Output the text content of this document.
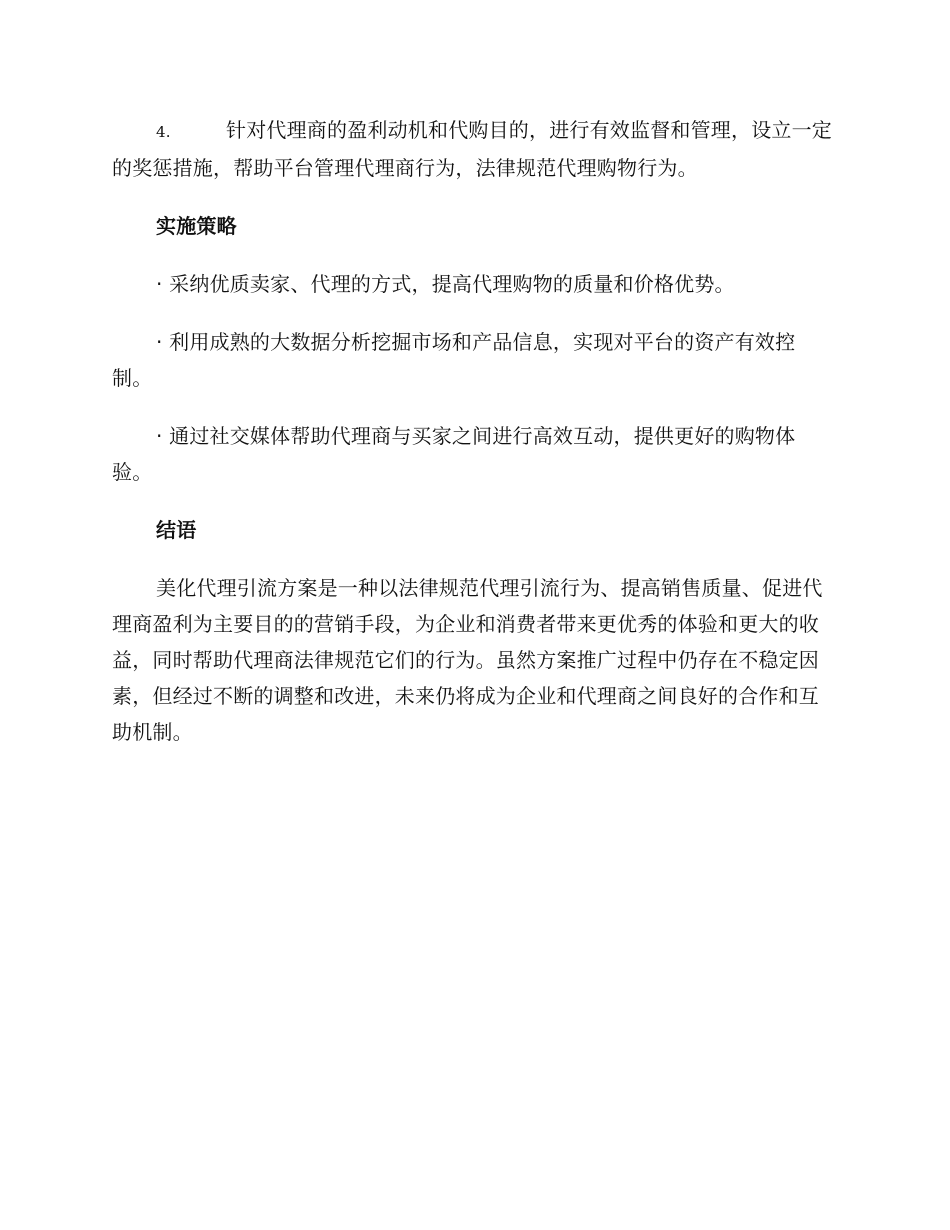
4.	针对代理商的盈利动机和代购目的，进行有效监督和管理，设立一定的奖惩措施，帮助平台管理代理商行为，法律规范代理购物行为。

实施策略

· 采纳优质卖家、代理的方式，提高代理购物的质量和价格优势。

· 利用成熟的大数据分析挖掘市场和产品信息，实现对平台的资产有效控制。

· 通过社交媒体帮助代理商与买家之间进行高效互动，提供更好的购物体验。

结语

美化代理引流方案是一种以法律规范代理引流行为、提高销售质量、促进代理商盈利为主要目的的营销手段，为企业和消费者带来更优秀的体验和更大的收益，同时帮助代理商法律规范它们的行为。虽然方案推广过程中仍存在不稳定因素，但经过不断的调整和改进，未来仍将成为企业和代理商之间良好的合作和互助机制。
